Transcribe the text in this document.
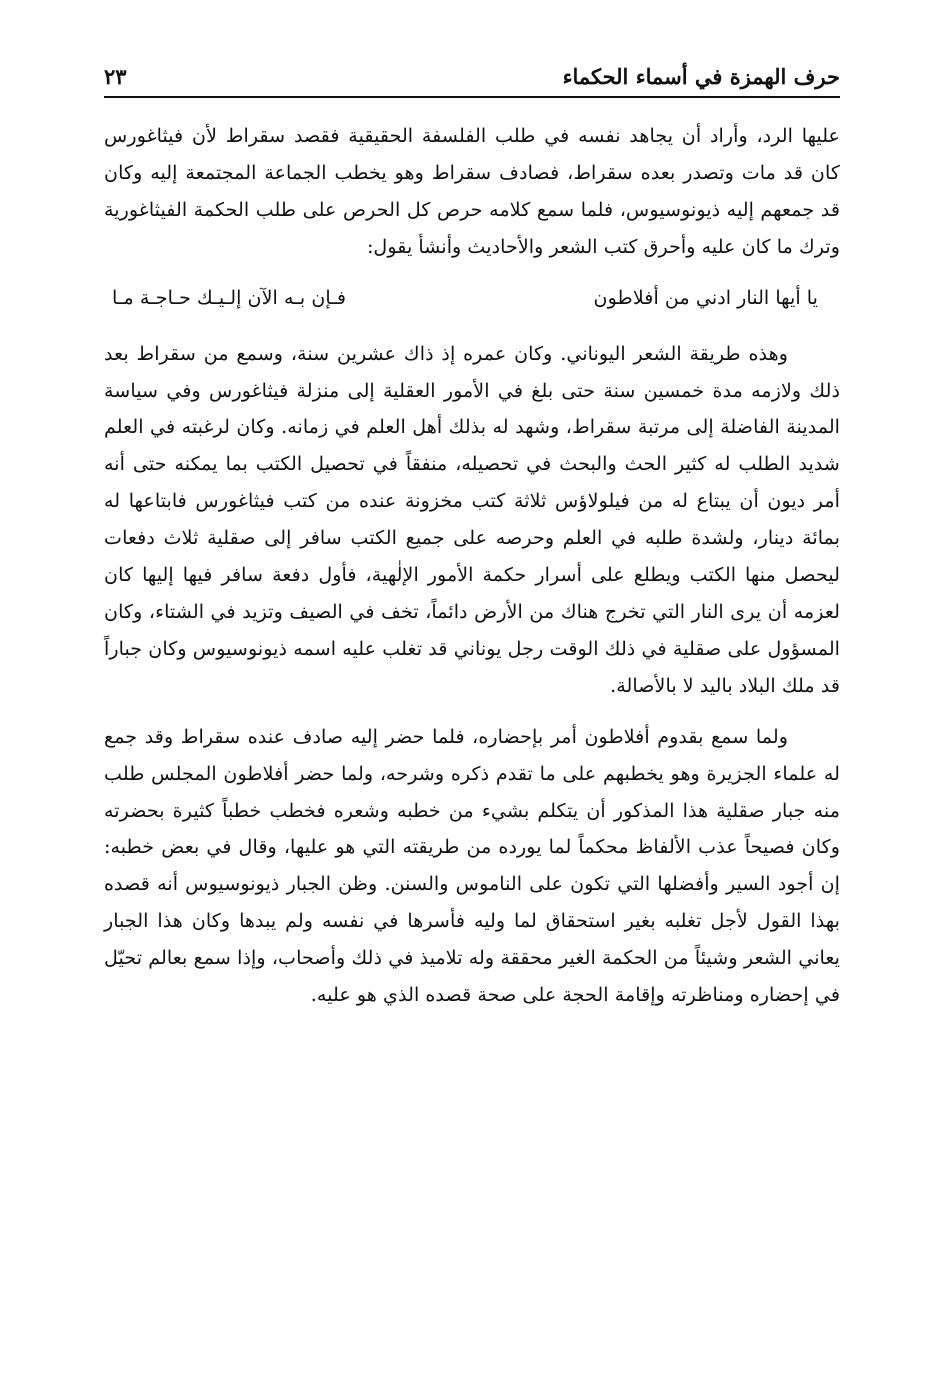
حرف الهمزة في أسماء الحكماء
٢٣

عليها الرد، وأراد أن يجاهد نفسه في طلب الفلسفة الحقيقية فقصد سقراط لأن فيثاغورس كان قد مات وتصدر بعده سقراط، فصادف سقراط وهو يخطب الجماعة المجتمعة إليه وكان قد جمعهم إليه ذيونوسيوس، فلما سمع كلامه حرص كل الحرص على طلب الحكمة الفيثاغورية وترك ما كان عليه وأحرق كتب الشعر والأحاديث وأنشأ يقول:

يا أيها النار ادني من أفلاطون
فـإن بـه الآن إلـيـك حـاجـة مـا

وهذه طريقة الشعر اليوناني. وكان عمره إذ ذاك عشرين سنة، وسمع من سقراط بعد ذلك ولازمه مدة خمسين سنة حتى بلغ في الأمور العقلية إلى منزلة فيثاغورس وفي سياسة المدينة الفاضلة إلى مرتبة سقراط، وشهد له بذلك أهل العلم في زمانه. وكان لرغبته في العلم شديد الطلب له كثير الحث والبحث في تحصيله، منفقاً في تحصيل الكتب بما يمكنه حتى أنه أمر ديون أن يبتاع له من فيلولاؤس ثلاثة كتب مخزونة عنده من كتب فيثاغورس فابتاعها له بمائة دينار، ولشدة طلبه في العلم وحرصه على جميع الكتب سافر إلى صقلية ثلاث دفعات ليحصل منها الكتب ويطلع على أسرار حكمة الأمور الإلٰهية، فأول دفعة سافر فيها إليها كان لعزمه أن يرى النار التي تخرج هناك من الأرض دائماً، تخف في الصيف وتزيد في الشتاء، وكان المسؤول على صقلية في ذلك الوقت رجل يوناني قد تغلب عليه اسمه ذيونوسيوس وكان جباراً قد ملك البلاد باليد لا بالأصالة.

ولما سمع بقدوم أفلاطون أمر بإحضاره، فلما حضر إليه صادف عنده سقراط وقد جمع له علماء الجزيرة وهو يخطبهم على ما تقدم ذكره وشرحه، ولما حضر أفلاطون المجلس طلب منه جبار صقلية هذا المذكور أن يتكلم بشيء من خطبه وشعره فخطب خطباً كثيرة بحضرته وكان فصيحاً عذب الألفاظ محكماً لما يورده من طريقته التي هو عليها، وقال في بعض خطبه: إن أجود السير وأفضلها التي تكون على الناموس والسنن. وظن الجبار ذيونوسيوس أنه قصده بهذا القول لأجل تغلبه بغير استحقاق لما وليه فأسرها في نفسه ولم يبدها وكان هذا الجبار يعاني الشعر وشيئاً من الحكمة الغير محققة وله تلاميذ في ذلك وأصحاب، وإذا سمع بعالم تحيّل في إحضاره ومناظرته وإقامة الحجة على صحة قصده الذي هو عليه.
